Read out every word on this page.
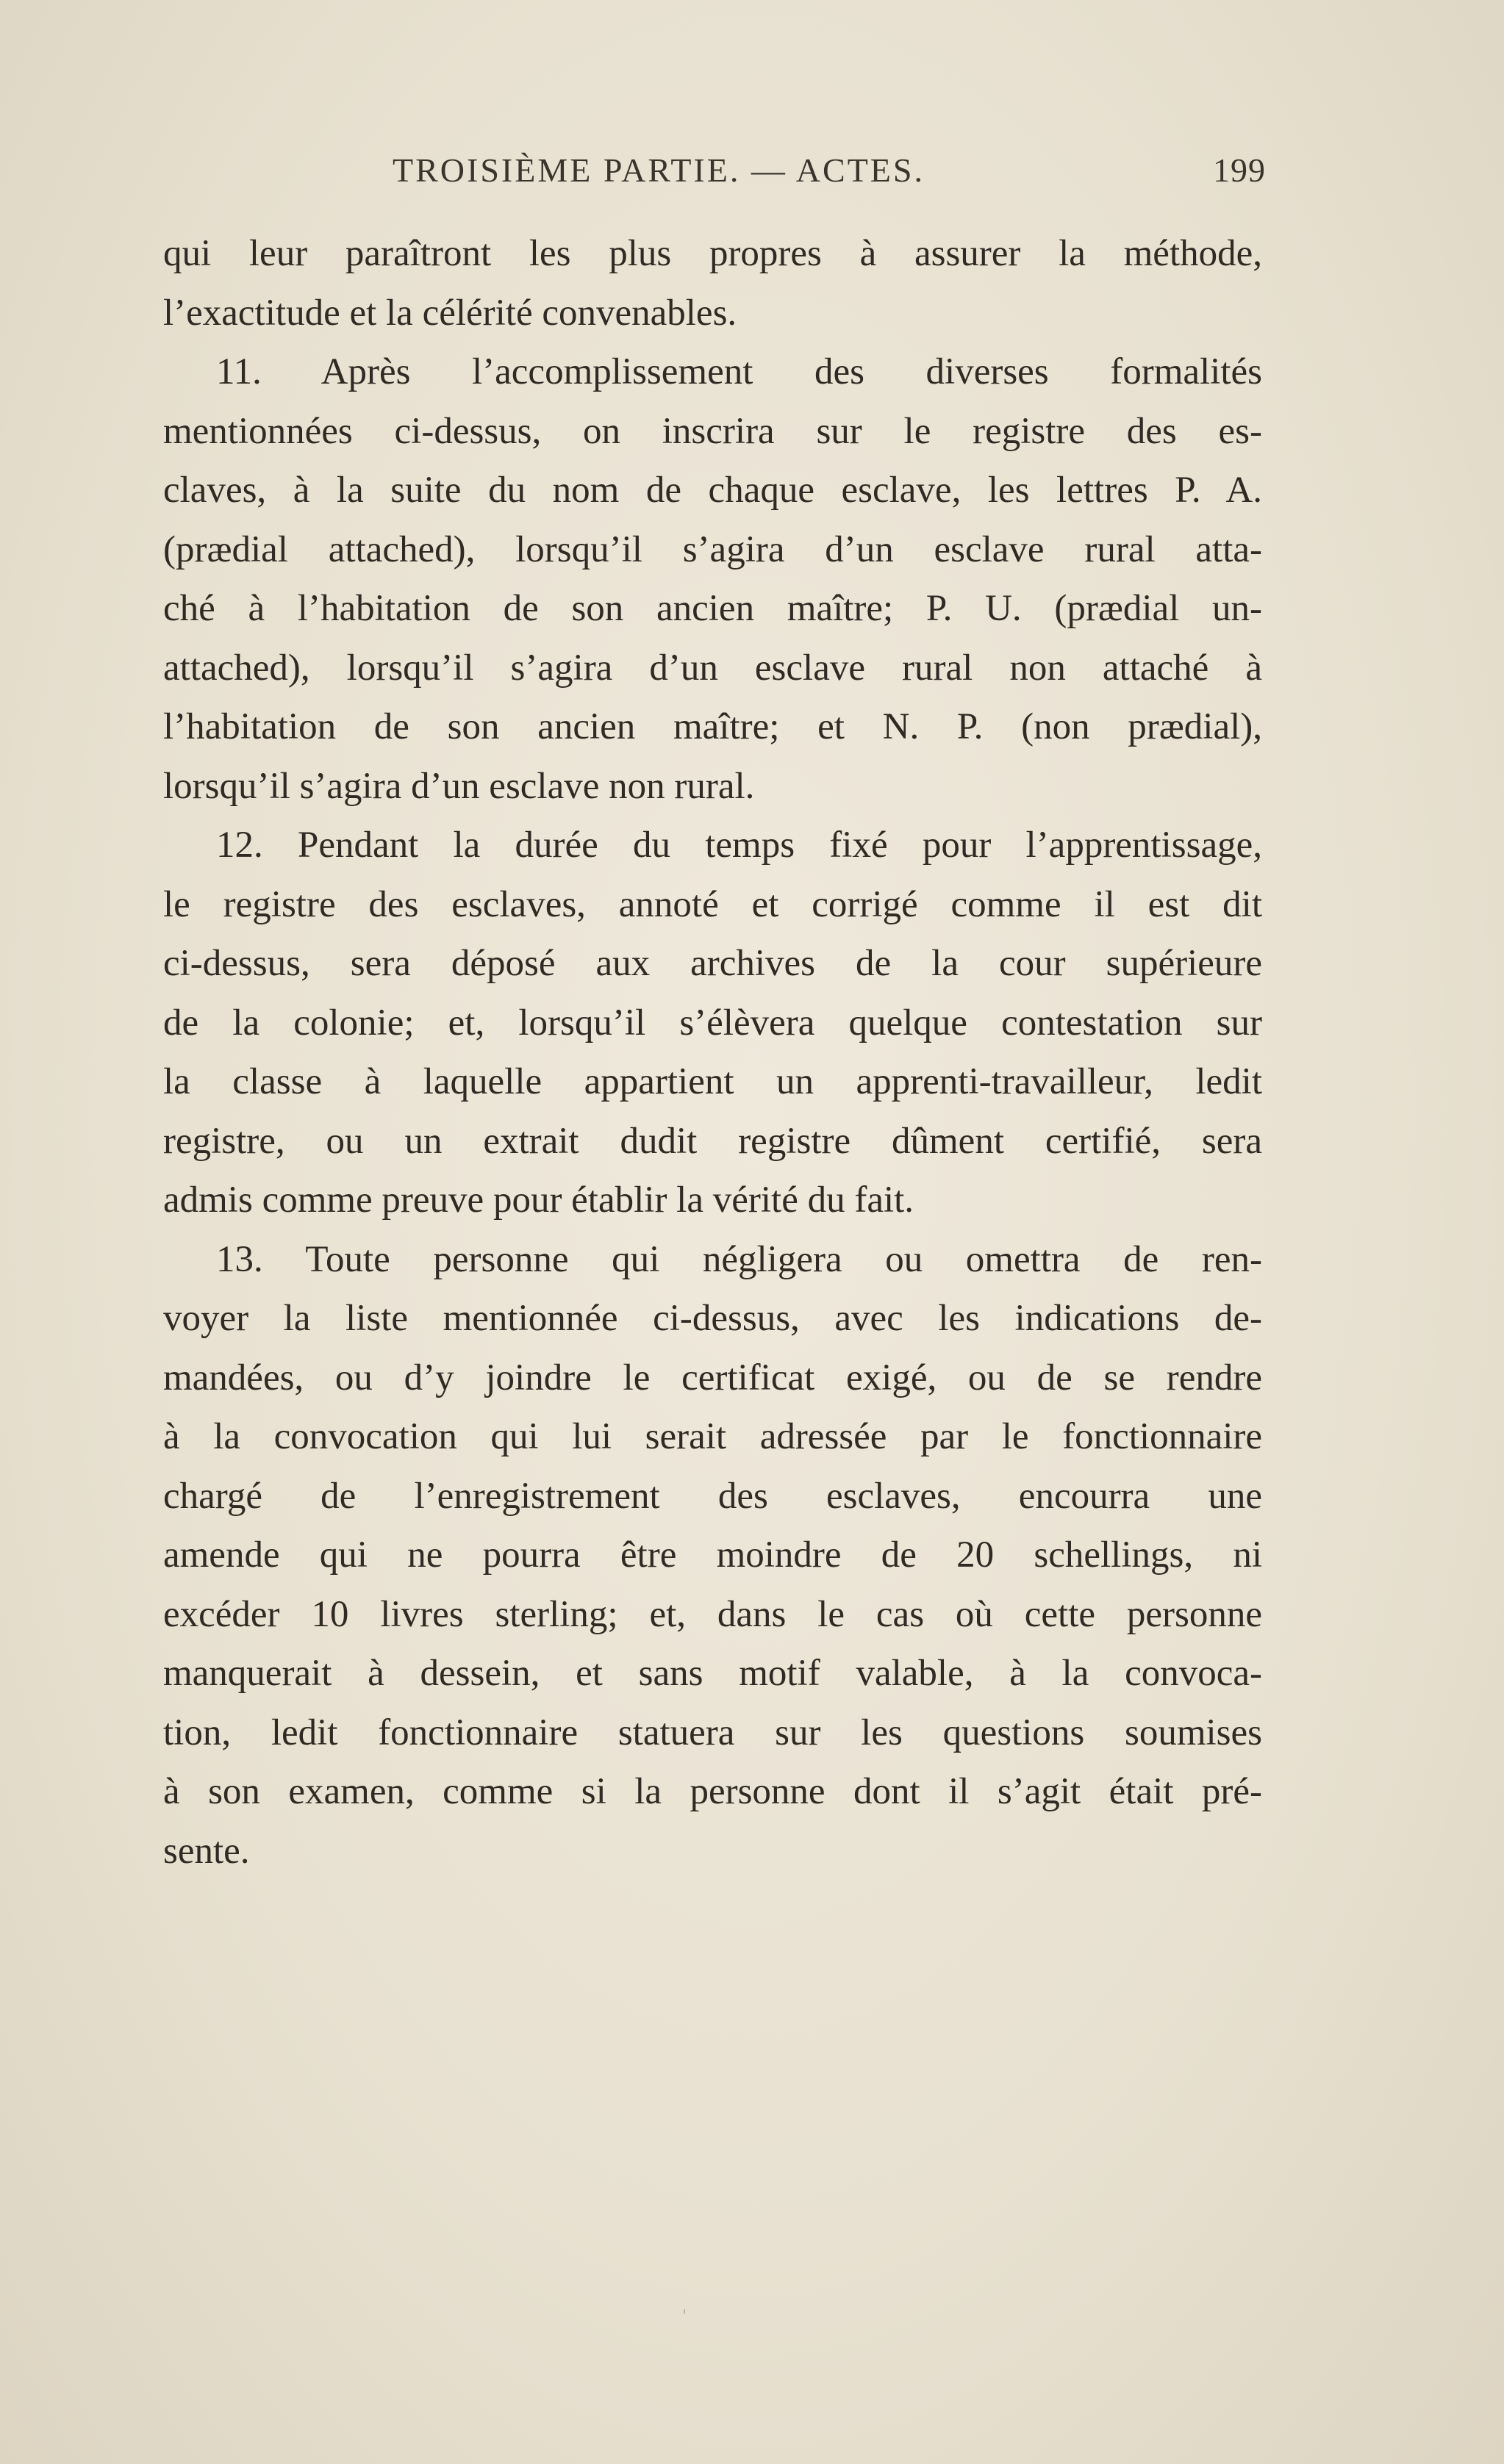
TROISIÈME PARTIE. — ACTES.	199
qui leur paraîtront les plus propres à assurer la méthode,
l’exactitude et la célérité convenables.
11. Après l’accomplissement des diverses formalités
mentionnées ci-dessus, on inscrira sur le registre des es-
claves, à la suite du nom de chaque esclave, les lettres P. A.
(prædial attached), lorsqu’il s’agira d’un esclave rural atta-
ché à l’habitation de son ancien maître; P. U. (prædial un-
attached), lorsqu’il s’agira d’un esclave rural non attaché à
l’habitation de son ancien maître; et N. P. (non prædial),
lorsqu’il s’agira d’un esclave non rural.
12. Pendant la durée du temps fixé pour l’apprentissage,
le registre des esclaves, annoté et corrigé comme il est dit
ci-dessus, sera déposé aux archives de la cour supérieure
de la colonie; et, lorsqu’il s’élèvera quelque contestation sur
la classe à laquelle appartient un apprenti-travailleur, ledit
registre, ou un extrait dudit registre dûment certifié, sera
admis comme preuve pour établir la vérité du fait.
13. Toute personne qui négligera ou omettra de ren-
voyer la liste mentionnée ci-dessus, avec les indications de-
mandées, ou d’y joindre le certificat exigé, ou de se rendre
à la convocation qui lui serait adressée par le fonctionnaire
chargé de l’enregistrement des esclaves, encourra une
amende qui ne pourra être moindre de 20 schellings, ni
excéder 10 livres sterling; et, dans le cas où cette personne
manquerait à dessein, et sans motif valable, à la convoca-
tion, ledit fonctionnaire statuera sur les questions soumises
à son examen, comme si la personne dont il s’agit était pré-
sente.
'
